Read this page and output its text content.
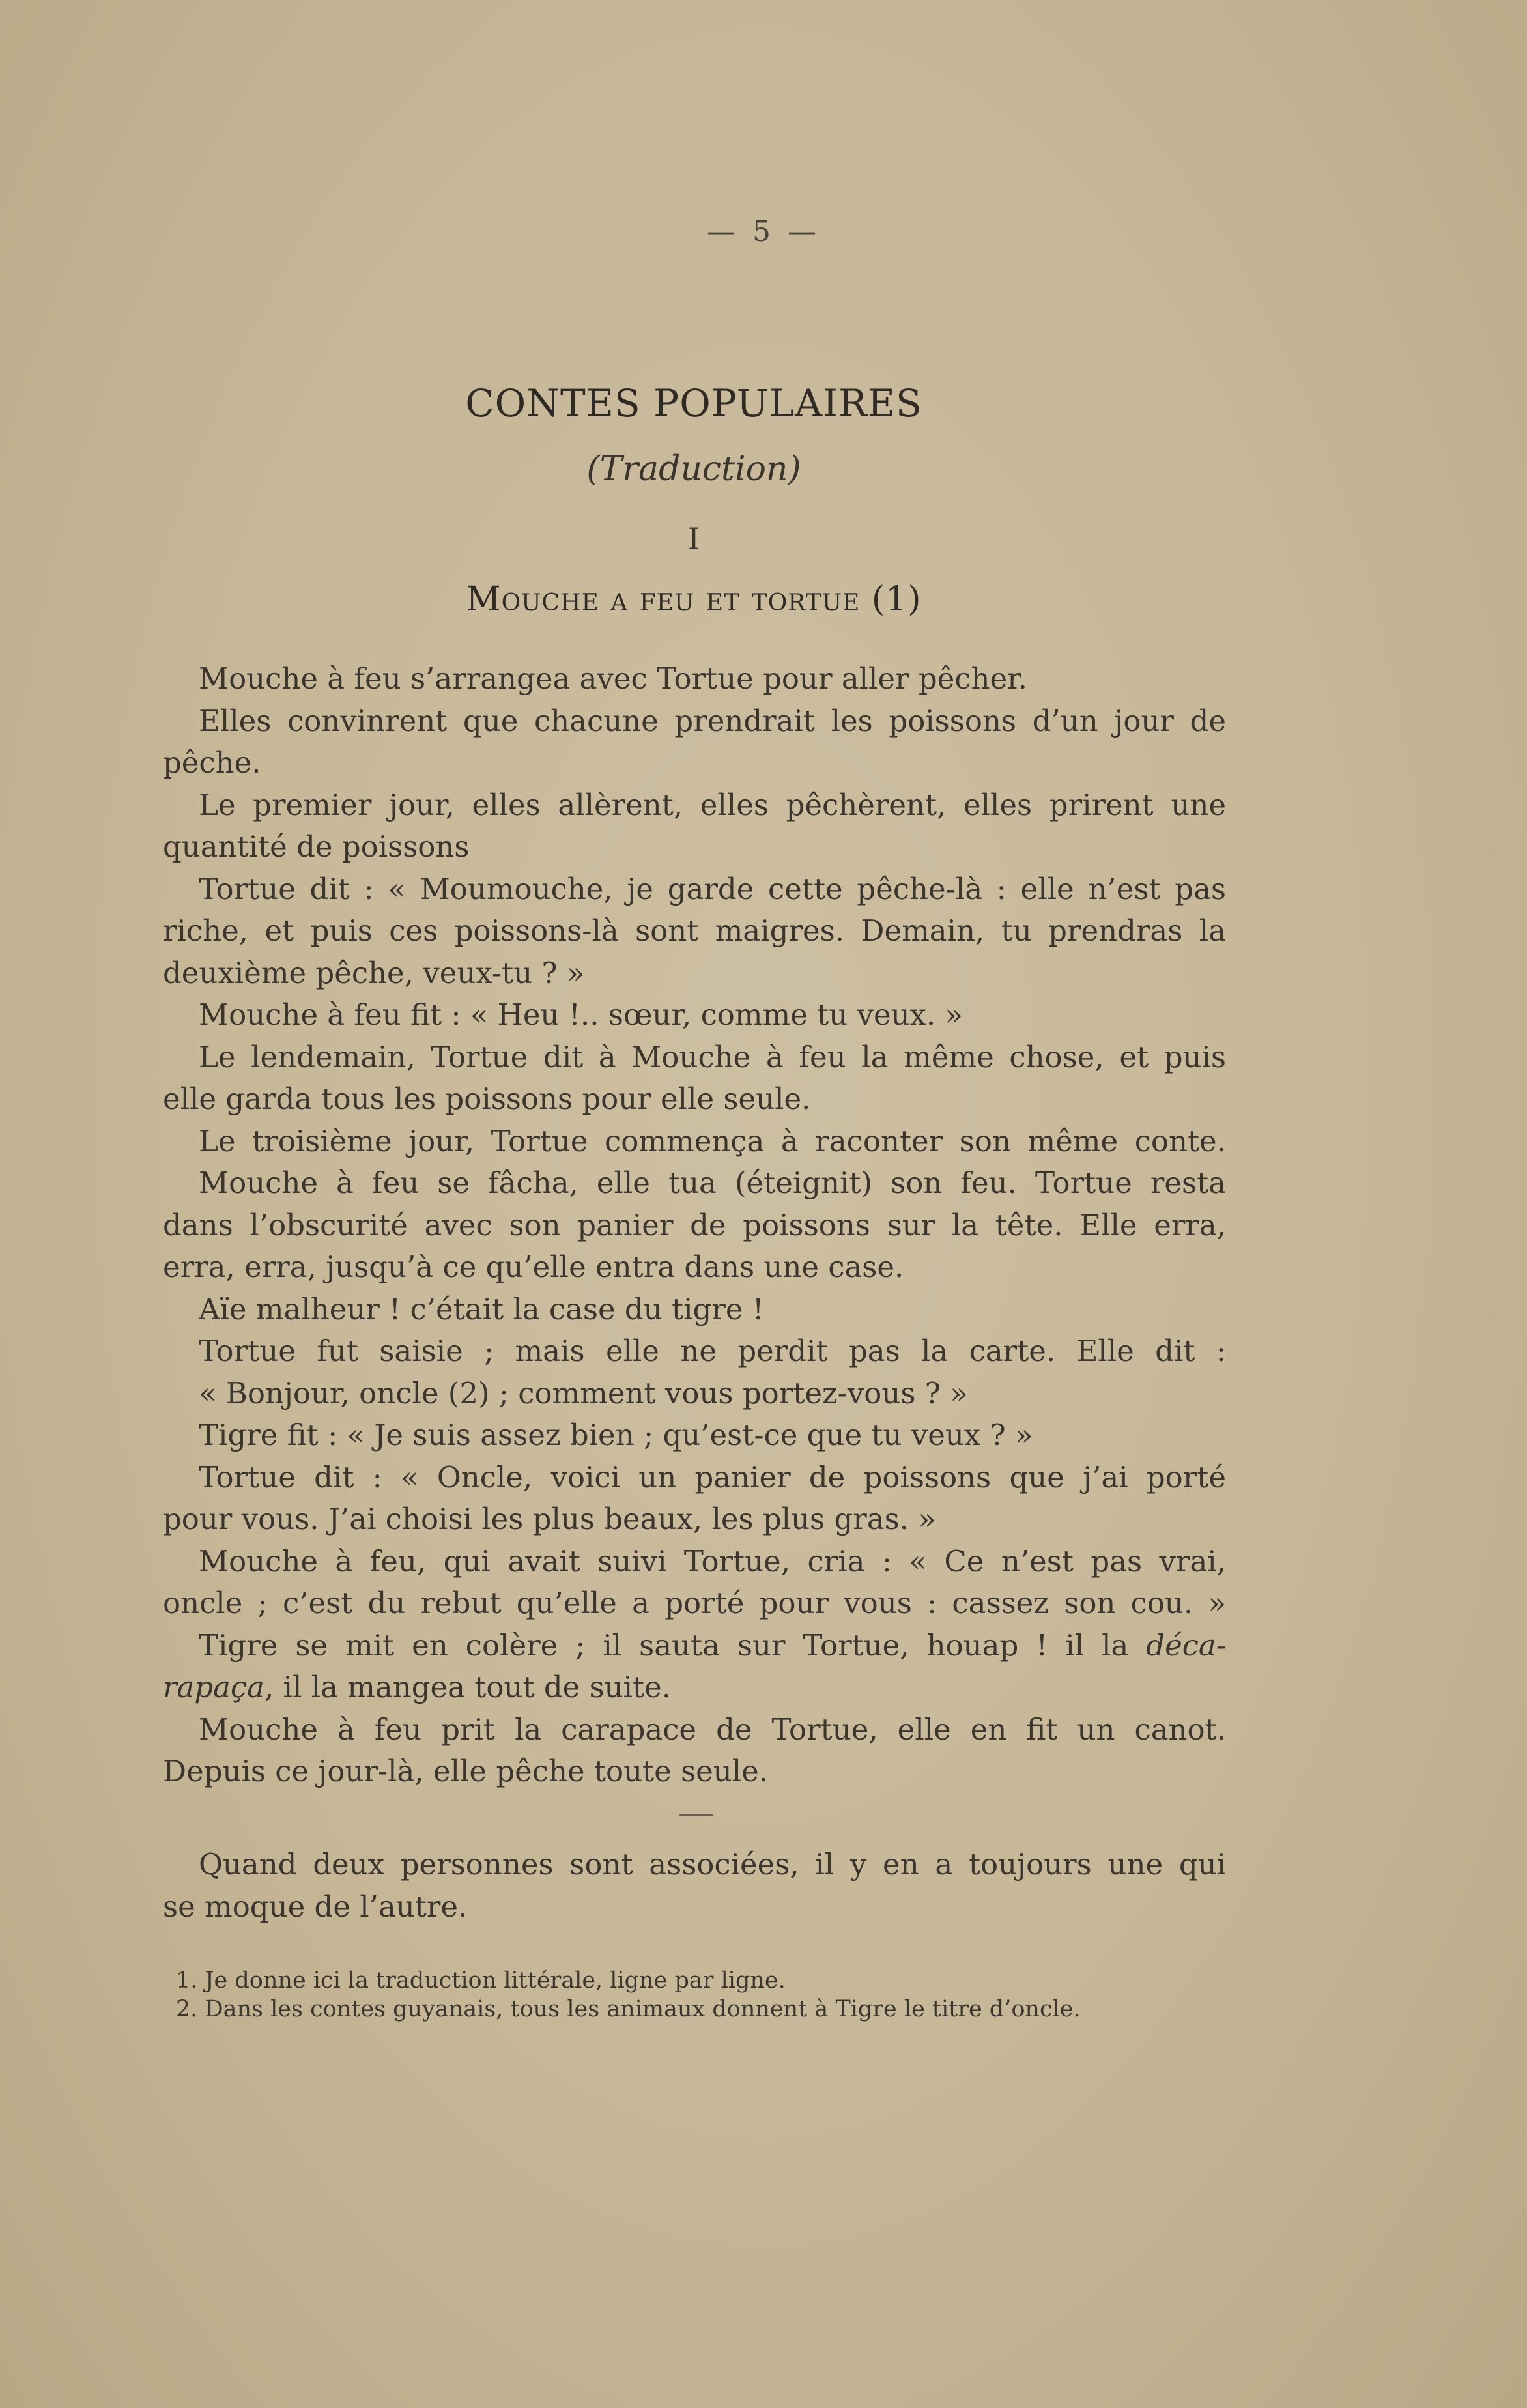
— 5 —
CONTES POPULAIRES
(Traduction)
I
Mouche a feu et tortue (1)
Mouche à feu s’arrangea avec Tortue pour aller pêcher.
Elles convinrent que chacune prendrait les poissons d’un jour de
pêche.
Le premier jour, elles allèrent, elles pêchèrent, elles prirent une
quantité de poissons
Tortue dit : « Moumouche, je garde cette pêche-là : elle n’est pas
riche, et puis ces poissons-là sont maigres. Demain, tu prendras la
deuxième pêche, veux-tu ? »
Mouche à feu fit : « Heu !.. sœur, comme tu veux. »
Le lendemain, Tortue dit à Mouche à feu la même chose, et puis
elle garda tous les poissons pour elle seule.
Le troisième jour, Tortue commença à raconter son même conte.
Mouche à feu se fâcha, elle tua (éteignit) son feu. Tortue resta
dans l’obscurité avec son panier de poissons sur la tête. Elle erra,
erra, erra, jusqu’à ce qu’elle entra dans une case.
Aïe malheur ! c’était la case du tigre !
Tortue fut saisie ; mais elle ne perdit pas la carte. Elle dit :
« Bonjour, oncle (2) ; comment vous portez-vous ? »
Tigre fit : « Je suis assez bien ; qu’est-ce que tu veux ? »
Tortue dit : « Oncle, voici un panier de poissons que j’ai porté
pour vous. J’ai choisi les plus beaux, les plus gras. »
Mouche à feu, qui avait suivi Tortue, cria : « Ce n’est pas vrai,
oncle ; c’est du rebut qu’elle a porté pour vous : cassez son cou. »
Tigre se mit en colère ; il sauta sur Tortue, houap ! il la déca-
rapaça, il la mangea tout de suite.
Mouche à feu prit la carapace de Tortue, elle en fit un canot.
Depuis ce jour-là, elle pêche toute seule.
Quand deux personnes sont associées, il y en a toujours une qui
se moque de l’autre.
1. Je donne ici la traduction littérale, ligne par ligne.
2. Dans les contes guyanais, tous les animaux donnent à Tigre le titre d’oncle.
